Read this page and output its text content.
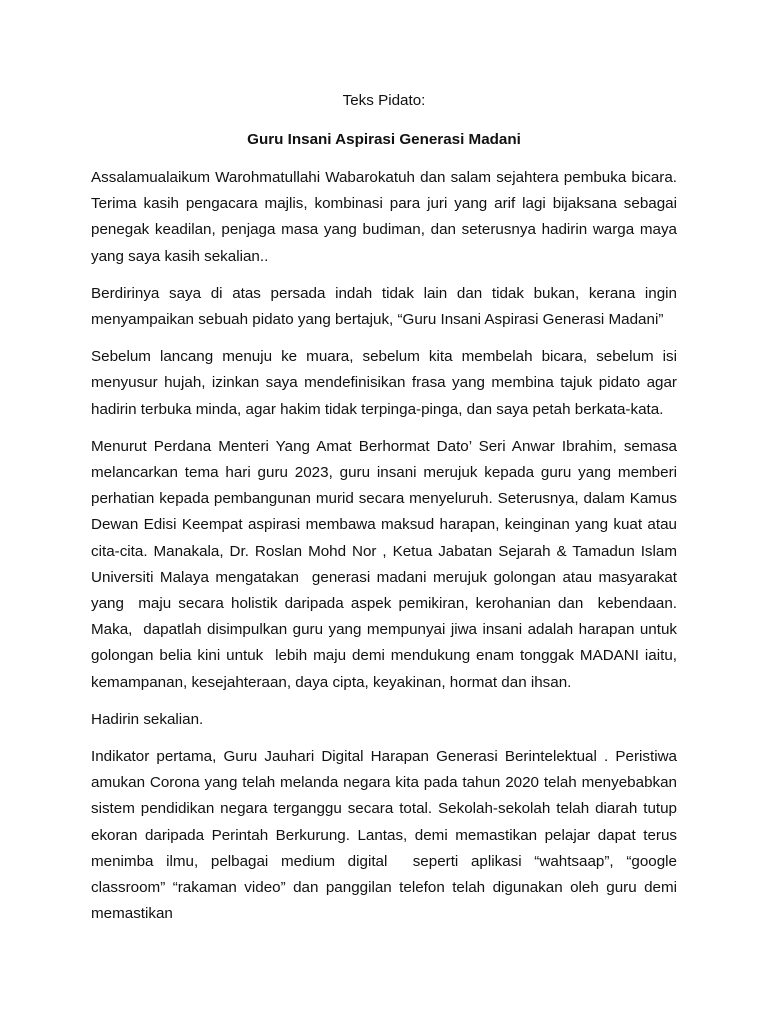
Teks Pidato:

Guru Insani Aspirasi Generasi Madani

Assalamualaikum Warohmatullahi Wabarokatuh dan salam sejahtera pembuka bicara. Terima kasih pengacara majlis, kombinasi para juri yang arif lagi bijaksana sebagai penegak keadilan, penjaga masa yang budiman, dan seterusnya hadirin warga maya yang saya kasih sekalian..

Berdirinya saya di atas persada indah tidak lain dan tidak bukan, kerana ingin menyampaikan sebuah pidato yang bertajuk, “Guru Insani Aspirasi Generasi Madani”

Sebelum lancang menuju ke muara, sebelum kita membelah bicara, sebelum isi menyusur hujah, izinkan saya mendefinisikan frasa yang membina tajuk pidato agar hadirin terbuka minda, agar hakim tidak terpinga-pinga, dan saya petah berkata-kata.

Menurut Perdana Menteri Yang Amat Berhormat Dato’ Seri Anwar Ibrahim, semasa melancarkan tema hari guru 2023, guru insani merujuk kepada guru yang memberi perhatian kepada pembangunan murid secara menyeluruh. Seterusnya, dalam Kamus Dewan Edisi Keempat aspirasi membawa maksud harapan, keinginan yang kuat atau cita-cita. Manakala, Dr. Roslan Mohd Nor , Ketua Jabatan Sejarah & Tamadun Islam Universiti Malaya mengatakan  generasi madani merujuk golongan atau masyarakat yang  maju secara holistik daripada aspek pemikiran, kerohanian dan  kebendaan. Maka,  dapatlah disimpulkan guru yang mempunyai jiwa insani adalah harapan untuk golongan belia kini untuk  lebih maju demi mendukung enam tonggak MADANI iaitu, kemampanan, kesejahteraan, daya cipta, keyakinan, hormat dan ihsan.

Hadirin sekalian.

Indikator pertama, Guru Jauhari Digital Harapan Generasi Berintelektual . Peristiwa amukan Corona yang telah melanda negara kita pada tahun 2020 telah menyebabkan sistem pendidikan negara terganggu secara total. Sekolah-sekolah telah diarah tutup ekoran daripada Perintah Berkurung. Lantas, demi memastikan pelajar dapat terus menimba ilmu, pelbagai medium digital  seperti aplikasi “wahtsaap”, “google classroom” “rakaman video” dan panggilan telefon telah digunakan oleh guru demi memastikan
